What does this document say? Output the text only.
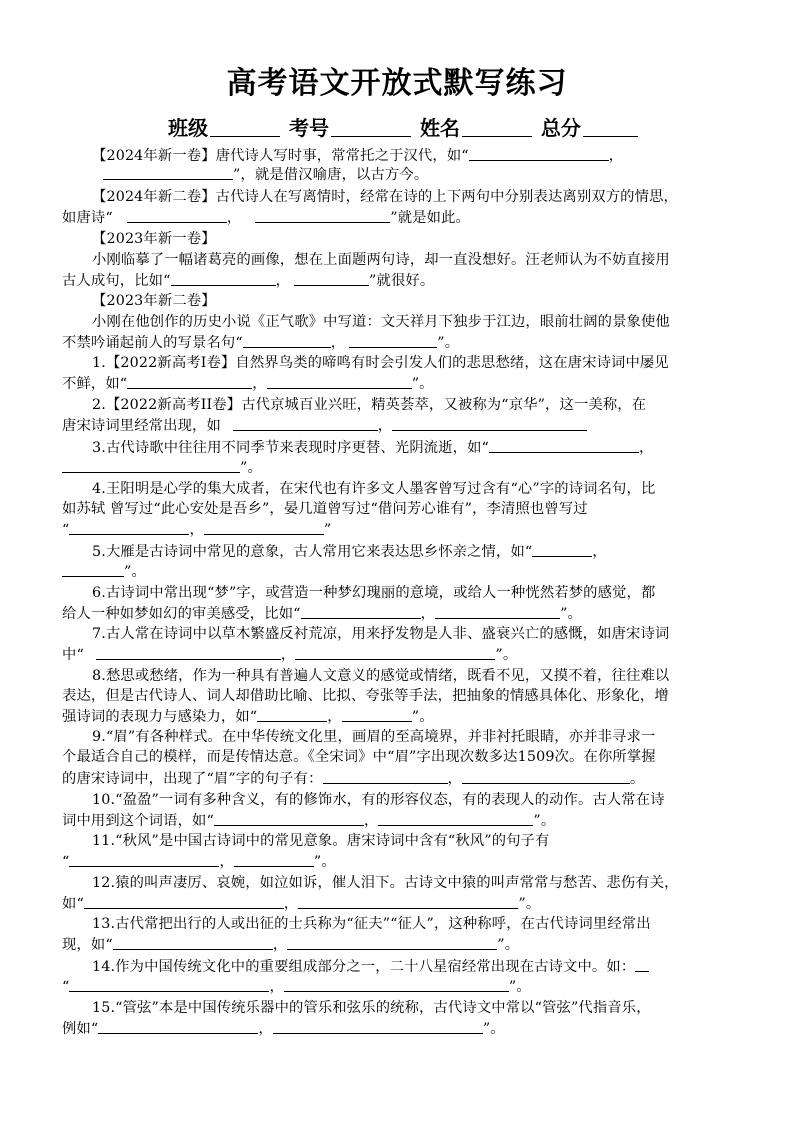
高考语文开放式默写练习
班级	考号	姓名	总分
【2024年新一卷】唐代诗人写时事，常常托之于汉代，如“	，
”，就是借汉喻唐，以古方今。
【2024年新二卷】古代诗人在写离情时，经常在诗的上下两句中分别表达离别双方的情思，
如唐诗“	，	”就是如此。
【2023年新一卷】
小刚临摹了一幅诸葛亮的画像，想在上面题两句诗，却一直没想好。汪老师认为不妨直接用
古人成句，比如“	，	”就很好。
【2023年新二卷】
小刚在他创作的历史小说《正气歌》中写道：文天祥月下独步于江边，眼前壮阔的景象使他
不禁吟诵起前人的写景名句“	，	”。
1.【2022新高考Ⅰ卷】自然界鸟类的啼鸣有时会引发人们的悲思愁绪，这在唐宋诗词中屡见
不鲜，如“	，	”。
2.【2022新高考II卷】古代京城百业兴旺，精英荟萃，又被称为“京华”，这一美称，在
唐宋诗词里经常出现，如	，
3.古代诗歌中往往用不同季节来表现时序更替、光阴流逝，如“	，
”。
4.王阳明是心学的集大成者，在宋代也有许多文人墨客曾写过含有“心”字的诗词名句，比
如苏轼 曾写过“此心安处是吾乡”，晏几道曾写过“借问芳心谁有”，李清照也曾写过
“	，	”
5.大雁是古诗词中常见的意象，古人常用它来表达思乡怀亲之情，如“	，
”。
6.古诗词中常出现“梦”字，或营造一种梦幻瑰丽的意境，或给人一种恍然若梦的感觉，都
给人一种如梦如幻的审美感受，比如“	，	”。
7.古人常在诗词中以草木繁盛反衬荒凉，用来抒发物是人非、盛衰兴亡的感慨，如唐宋诗词
中“	，	”。
8.愁思或愁绪，作为一种具有普遍人文意义的感觉或情绪，既看不见，又摸不着，往往难以
表达，但是古代诗人、词人却借助比喻、比拟、夸张等手法，把抽象的情感具体化、形象化，增
强诗词的表现力与感染力，如“	，	”。
9.“眉”有各种样式。在中华传统文化里，画眉的至高境界，并非衬托眼睛，亦并非寻求一
个最适合自己的模样，而是传情达意。《全宋词》中“眉”字出现次数多达1509次。在你所掌握
的唐宋诗词中，出现了“眉”字的句子有：	，	。
10.“盈盈”一词有多种含义，有的修饰水，有的形容仪态，有的表现人的动作。古人常在诗
词中用到这个词语，如“	，	”。
11.“秋风”是中国古诗词中的常见意象。唐宋诗词中含有“秋风”的句子有
“	，	”。
12.猿的叫声凄厉、哀婉，如泣如诉，催人泪下。古诗文中猿的叫声常常与愁苦、悲伤有关，
如“	，	”。
13.古代常把出行的人或出征的士兵称为“征夫”“征人”，这种称呼，在古代诗词里经常出
现，如“	，	”。
14.作为中国传统文化中的重要组成部分之一，二十八星宿经常出现在古诗文中。如：
“	，	”。
15.“管弦”本是中国传统乐器中的管乐和弦乐的统称，古代诗文中常以“管弦”代指音乐，
例如“	，	”。
